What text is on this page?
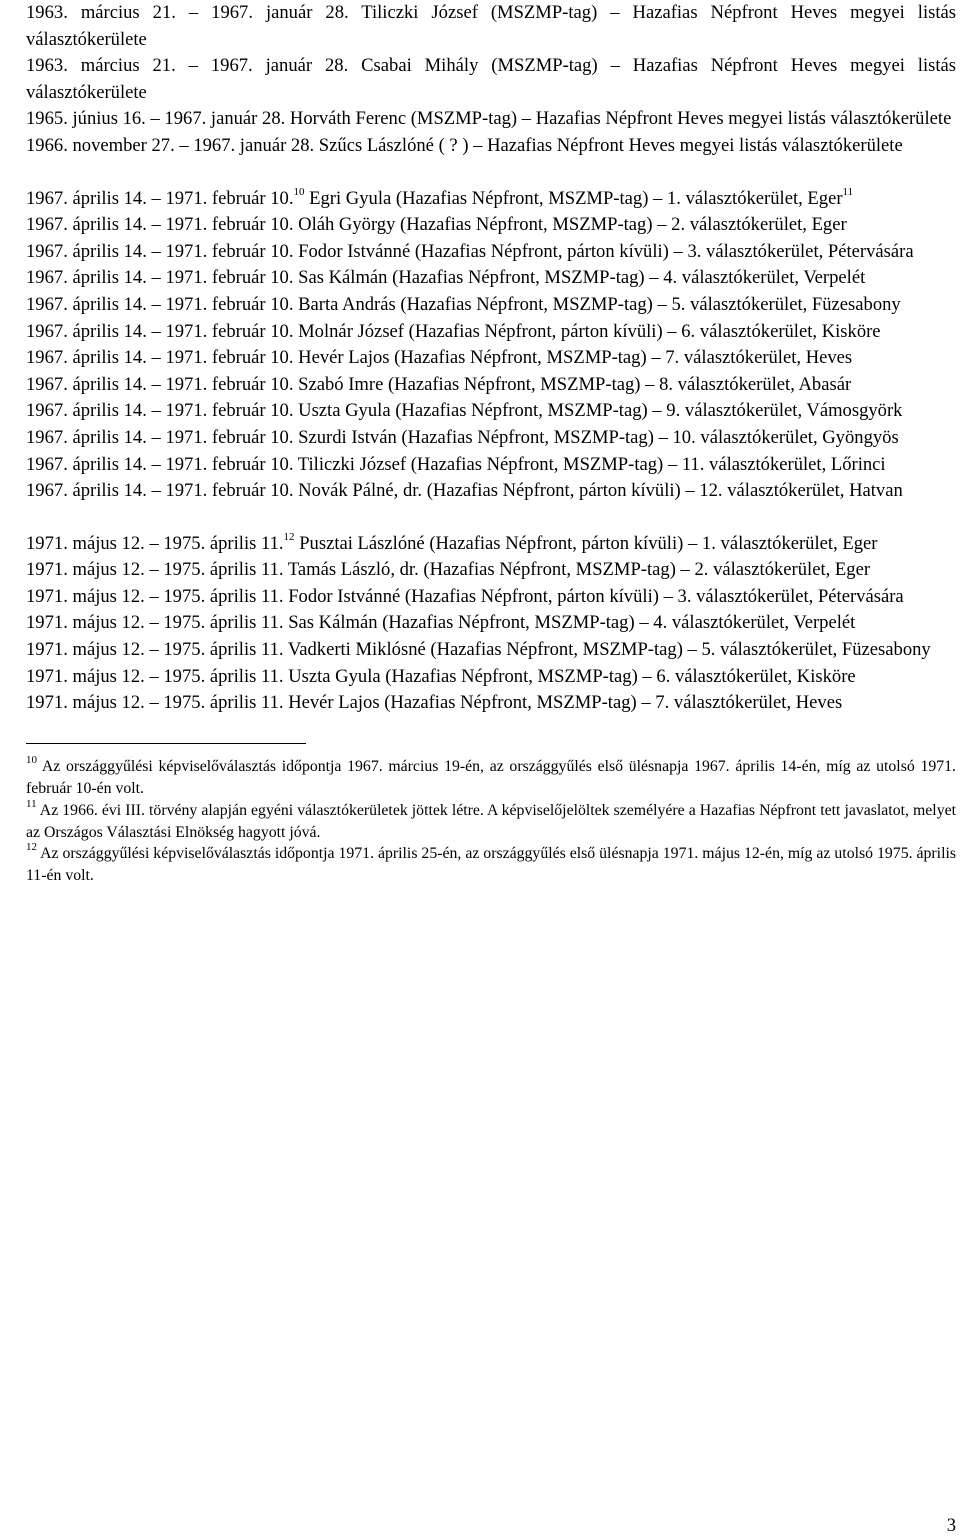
1963. március 21. – 1967. január 28. Tiliczki József (MSZMP-tag) – Hazafias Népfront Heves megyei listás választókerülete

1963. március 21. – 1967. január 28. Csabai Mihály (MSZMP-tag) – Hazafias Népfront Heves megyei listás választókerülete

1965. június 16. – 1967. január 28. Horváth Ferenc (MSZMP-tag) – Hazafias Népfront Heves megyei listás választókerülete

1966. november 27. – 1967. január 28. Szűcs Lászlóné ( ? ) – Hazafias Népfront Heves megyei listás választókerülete

1967. április 14. – 1971. február 10.10 Egri Gyula (Hazafias Népfront, MSZMP-tag) – 1. választókerület, Eger$^{11}$

1967. április 14. – 1971. február 10. Oláh György (Hazafias Népfront, MSZMP-tag) – 2. választókerület, Eger

1967. április 14. – 1971. február 10. Fodor Istvánné (Hazafias Népfront, párton kívüli) – 3. választókerület, Pétervására

1967. április 14. – 1971. február 10. Sas Kálmán (Hazafias Népfront, MSZMP-tag) – 4. választókerület, Verpelét

1967. április 14. – 1971. február 10. Barta András (Hazafias Népfront, MSZMP-tag) – 5. választókerület, Füzesabony

1967. április 14. – 1971. február 10. Molnár József (Hazafias Népfront, párton kívüli) – 6. választókerület, Kisköre

1967. április 14. – 1971. február 10. Hevér Lajos (Hazafias Népfront, MSZMP-tag) – 7. választókerület, Heves

1967. április 14. – 1971. február 10. Szabó Imre (Hazafias Népfront, MSZMP-tag) – 8. választókerület, Abasár

1967. április 14. – 1971. február 10. Uszta Gyula (Hazafias Népfront, MSZMP-tag) – 9. választókerület, Vámosgyörk

1967. április 14. – 1971. február 10. Szurdi István (Hazafias Népfront, MSZMP-tag) – 10. választókerület, Gyöngyös

1967. április 14. – 1971. február 10. Tiliczki József (Hazafias Népfront, MSZMP-tag) – 11. választókerület, Lőrinci

1967. április 14. – 1971. február 10. Novák Pálné, dr. (Hazafias Népfront, párton kívüli) – 12. választókerület, Hatvan

1971. május 12. – 1975. április 11.12 Pusztai Lászlóné (Hazafias Népfront, párton kívüli) – 1. választókerület, Eger

1971. május 12. – 1975. április 11. Tamás László, dr. (Hazafias Népfront, MSZMP-tag) – 2. választókerület, Eger

1971. május 12. – 1975. április 11. Fodor Istvánné (Hazafias Népfront, párton kívüli) – 3. választókerület, Pétervására

1971. május 12. – 1975. április 11. Sas Kálmán (Hazafias Népfront, MSZMP-tag) – 4. választókerület, Verpelét

1971. május 12. – 1975. április 11. Vadkerti Miklósné (Hazafias Népfront, MSZMP-tag) – 5. választókerület, Füzesabony

1971. május 12. – 1975. április 11. Uszta Gyula (Hazafias Népfront, MSZMP-tag) – 6. választókerület, Kisköre

1971. május 12. – 1975. április 11. Hevér Lajos (Hazafias Népfront, MSZMP-tag) – 7. választókerület, Heves

$^{10}$ Az országgyűlési képviselőválasztás időpontja 1967. március 19-én, az országgyűlés első ülésnapja 1967. április 14-én, míg az utolsó 1971. február 10-én volt.

$^{11}$ Az 1966. évi III. törvény alapján egyéni választókerületek jöttek létre. A képviselőjelöltek személyére a Hazafias Népfront tett javaslatot, melyet az Országos Választási Elnökség hagyott jóvá.

$^{12}$ Az országgyűlési képviselőválasztás időpontja 1971. április 25-én, az országgyűlés első ülésnapja 1971. május 12-én, míg az utolsó 1975. április 11-én volt.

3
